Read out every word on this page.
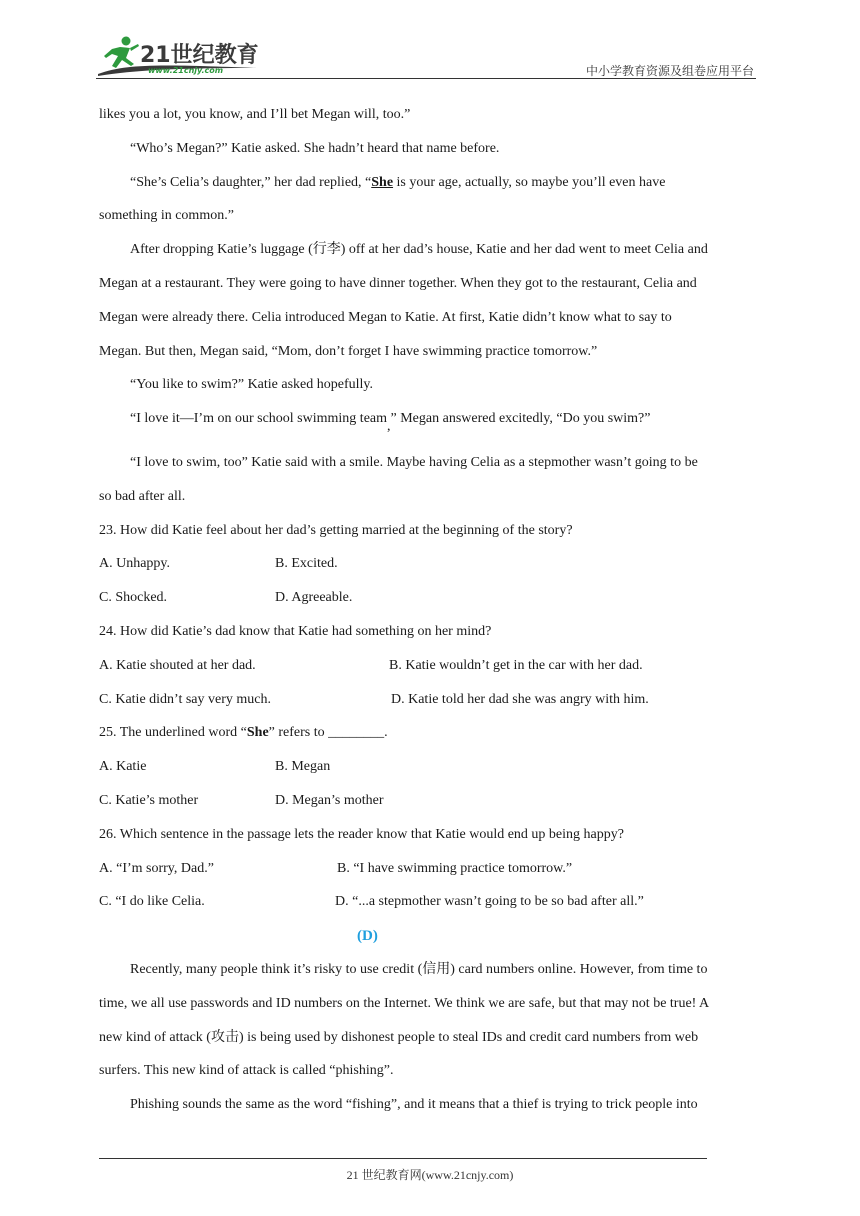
21世纪教育
www.21cnjy.com	中小学教育资源及组卷应用平台
likes you a lot, you know, and I’ll bet Megan will, too.”
“Who’s Megan?” Katie asked. She hadn’t heard that name before.
“She’s Celia’s daughter,” her dad replied, “She is your age, actually, so maybe you’ll even have
something in common.”
After dropping Katie’s luggage (行李) off at her dad’s house, Katie and her dad went to meet Celia and
Megan at a restaurant. They were going to have dinner together. When they got to the restaurant, Celia and
Megan were already there. Celia introduced Megan to Katie. At first, Katie didn’t know what to say to
Megan. But then, Megan said, “Mom, don’t forget I have swimming practice tomorrow.”
“You like to swim?” Katie asked hopefully.
“I love it—I’m on our school swimming team,” Megan answered excitedly, “Do you swim?”
“I love to swim, too” Katie said with a smile. Maybe having Celia as a stepmother wasn’t going to be
so bad after all.
23. How did Katie feel about her dad’s getting married at the beginning of the story?
A. Unhappy.	B. Excited.
C. Shocked.	D. Agreeable.
24. How did Katie’s dad know that Katie had something on her mind?
A. Katie shouted at her dad.	B. Katie wouldn’t get in the car with her dad.
C. Katie didn’t say very much.	D. Katie told her dad she was angry with him.
25. The underlined word “She” refers to ________.
A. Katie	B. Megan
C. Katie’s mother	D. Megan’s mother
26. Which sentence in the passage lets the reader know that Katie would end up being happy?
A. “I’m sorry, Dad.”	B. “I have swimming practice tomorrow.”
C. “I do like Celia.	D. “...a stepmother wasn’t going to be so bad after all.”
(D)
Recently, many people think it’s risky to use credit (信用) card numbers online. However, from time to
time, we all use passwords and ID numbers on the Internet. We think we are safe, but that may not be true! A
new kind of attack (攻击) is being used by dishonest people to steal IDs and credit card numbers from web
surfers. This new kind of attack is called “phishing”.
Phishing sounds the same as the word “fishing”, and it means that a thief is trying to trick people into
21 世纪教育网(www.21cnjy.com)
